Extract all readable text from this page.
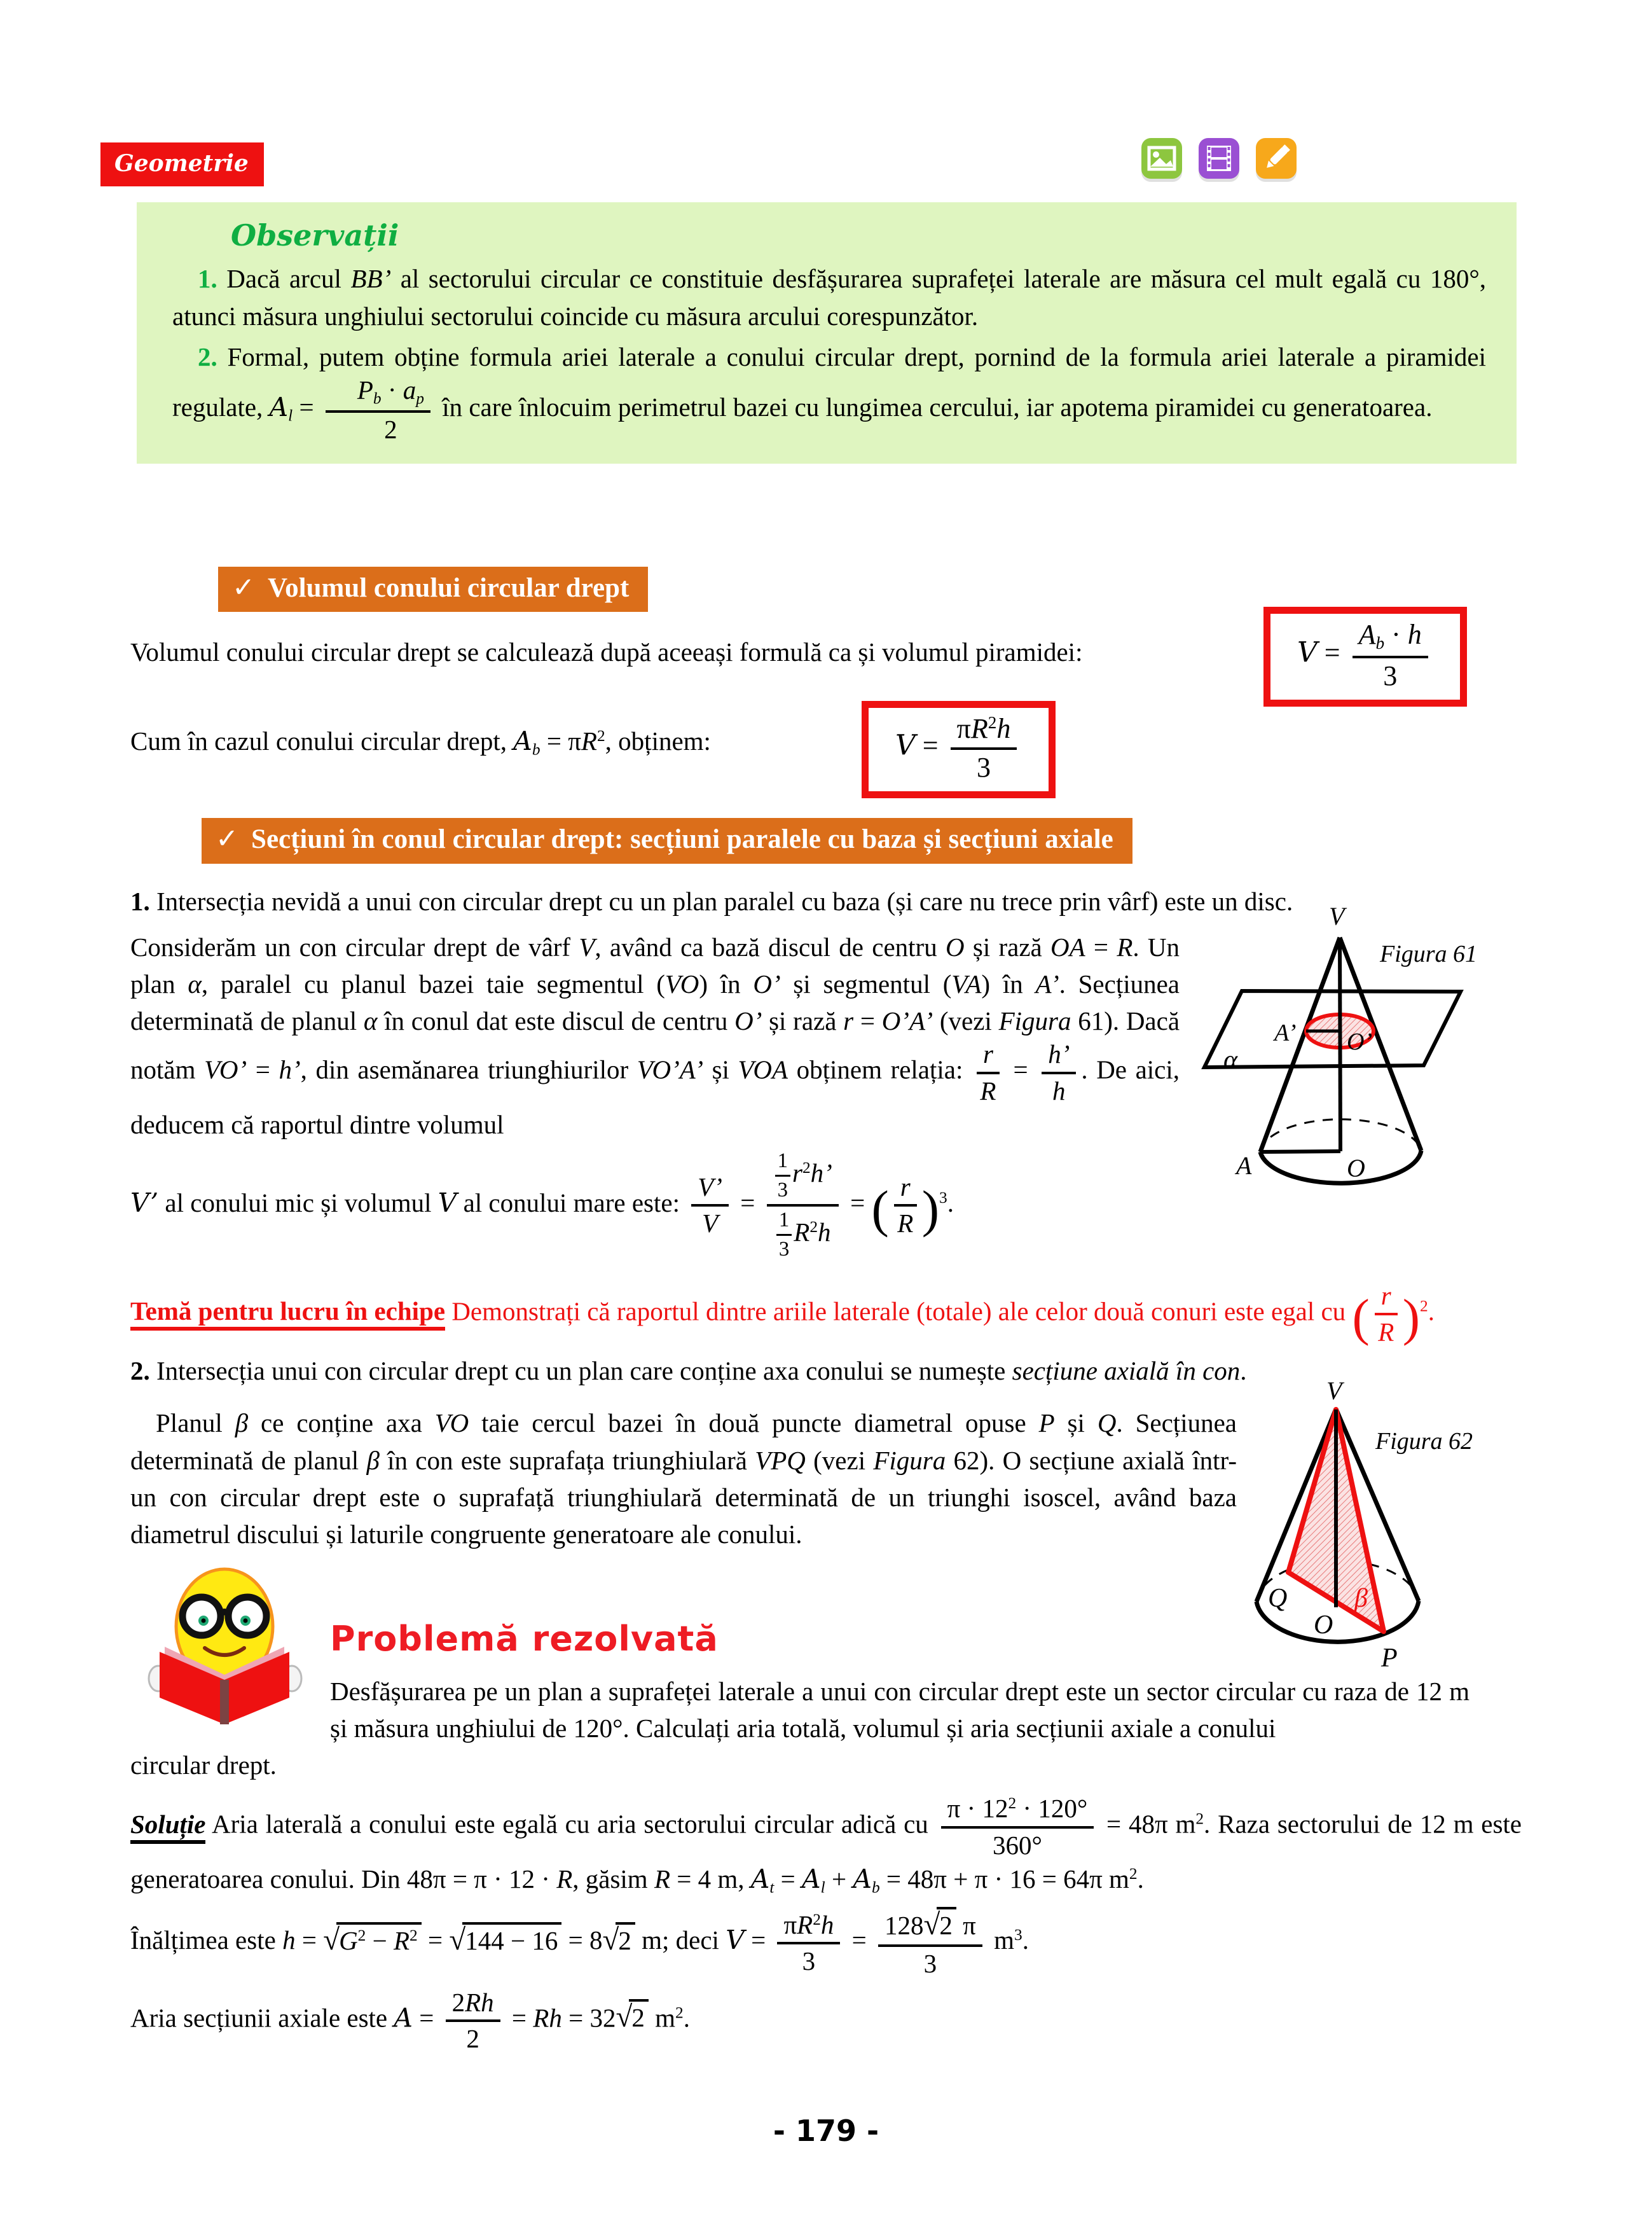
Geometrie
Observații

1. Dacă arcul BB’ al sectorului circular ce constituie desfășurarea suprafeței laterale are măsura cel mult egală cu 180°, atunci măsura unghiului sectorului coincide cu măsura arcului corespunzător.

2. Formal, putem obține formula ariei laterale a conului circular drept, pornind de la formula ariei laterale a piramidei regulate, $A_l = \frac{P_b \cdot a_p}{2}$ în care înlocuim perimetrul bazei cu lungimea cercului, iar apotema piramidei cu generatoarea.

✓ Volumul conului circular drept
Volumul conului circular drept se calculează după aceeași formulă ca și volumul piramidei:	$V = \frac{A_b \cdot h}{3}$
Cum în cazul conului circular drept, $A_b = \pi R^2$, obținem:	$V = \frac{\pi R^2h}{3}$
✓ Secțiuni în conul circular drept: secțiuni paralele cu baza și secțiuni axiale

1. Intersecția nevidă a unui con circular drept cu un plan paralel cu baza (și care nu trece prin vârf) este un disc.

Considerăm un con circular drept de vârf V, având ca bază discul de centru O și rază OA = R. Un plan α, paralel cu planul bazei taie segmentul (VO) în O’ și segmentul (VA) în A’. Secțiunea determinată de planul α în conul dat este discul de centru O’ și rază r = O’A’ (vezi Figura 61). Dacă notăm VO’ = h’, din asemănarea triunghiurilor VO’A’ și VOA obținem relația: $\frac{r}{R} = \frac{h’}{h}$ . De aici, deducem că raportul dintre volumul

V’ al conului mic și volumul V al conului mare este: $\frac{V’}{V} = \frac{\frac{1}{3} r^2h’}{\frac{1}{3} R^2h}$ = ( $\frac{r}{R} )^3$.

Temă pentru lucru în echipe Demonstrați că raportul dintre ariile laterale (totale) ale celor două conuri este egal cu ( $\frac{r}{R} )^2$.

2. Intersecția unui con circular drept cu un plan care conține axa conului se numește secțiune axială în con.

Planul β ce conține axa VO taie cercul bazei în două puncte diametral opuse P și Q. Secțiunea determinată de planul β în con este suprafața triunghiulară VPQ (vezi Figura 62). O secțiune axială într-un con circular drept este o suprafață triunghiulară determinată de un triunghi isoscel, având baza diametrul discului și laturile congruente generatoare ale conului.

Problemă rezolvată

Desfășurarea pe un plan a suprafeței laterale a unui con circular drept este un sector circular cu raza de 12 m și măsura unghiului de 120°. Calculați aria totală, volumul și aria secțiunii axiale a conului

circular drept.

Soluție Aria laterală a conului este egală cu aria sectorului circular adică cu $\frac{\pi \cdot 12^2 \cdot 120^\circ}{360^\circ} = 48\pi$ $m^2$. Raza sectorului de 12 m este generatoarea conului. Din 48π = π · 12 · R, găsim R = 4 m, $A_t = A_l + A_b = 48\pi + \pi \cdot 16 = 64\pi$ $m^2$.

Înălțimea este $h = √G^2 - R^2 = √144 - 16 = 8√2$ m; deci $V = \frac{\pi R^2h}{3} = \frac{128√2 \pi}{3} m^3$.

Aria secțiunii axiale este $A = \frac{2Rh}{2} = Rh = 32√2$ $m^2$.

V
Figura 61
A’ O’
α
A	O
V
Figura 62
Q
O
β
P
- 179 -
